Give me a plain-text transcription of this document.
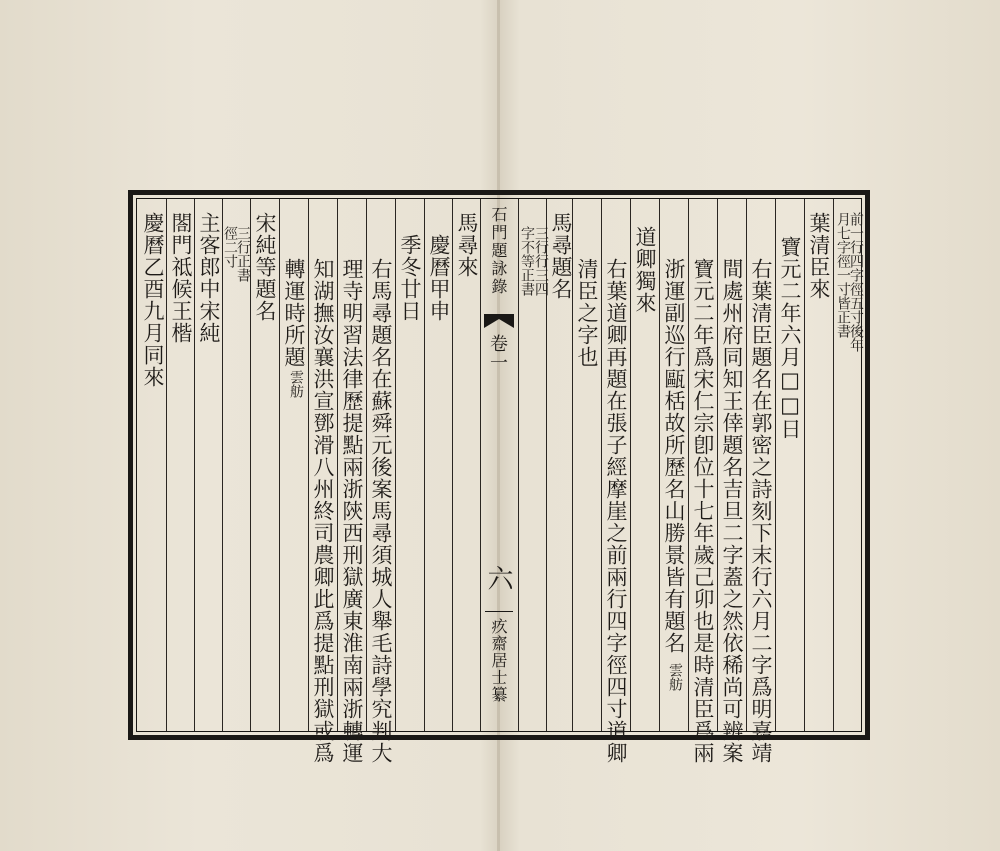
石門題詠錄
卷一
六
疚齋居士纂
前一行四字徑五寸後年
月七字徑一寸皆正書
葉清臣來
寶元二年六月□□日
右葉清臣題名在郭密之詩刻下末行六月二字爲明嘉靖
間處州府同知王倖題名吉旦二字蓋之然依稀尚可辨案
寶元二年爲宋仁宗卽位十七年歲己卯也是時清臣爲兩
浙運副巡行甌栝故所歷名山勝景皆有題名
雲舫
道卿獨來
右葉道卿再題在張子經摩崖之前兩行四字徑四寸道卿
清臣之字也
馬尋題名
三行行三四
字不等正書
馬尋來
慶曆甲申
季冬廿日
右馬尋題名在蘇舜元後案馬尋須城人舉毛詩學究判大
理寺明習法律歷提點兩浙陝西刑獄廣東淮南兩浙轉運
知湖撫汝襄洪宣鄧滑八州終司農卿此爲提點刑獄或爲
轉運時所題
雲舫
宋純等題名
三行正書
徑二寸
主客郎中宋純
閤門祗候王楷
慶曆乙酉九月同來
